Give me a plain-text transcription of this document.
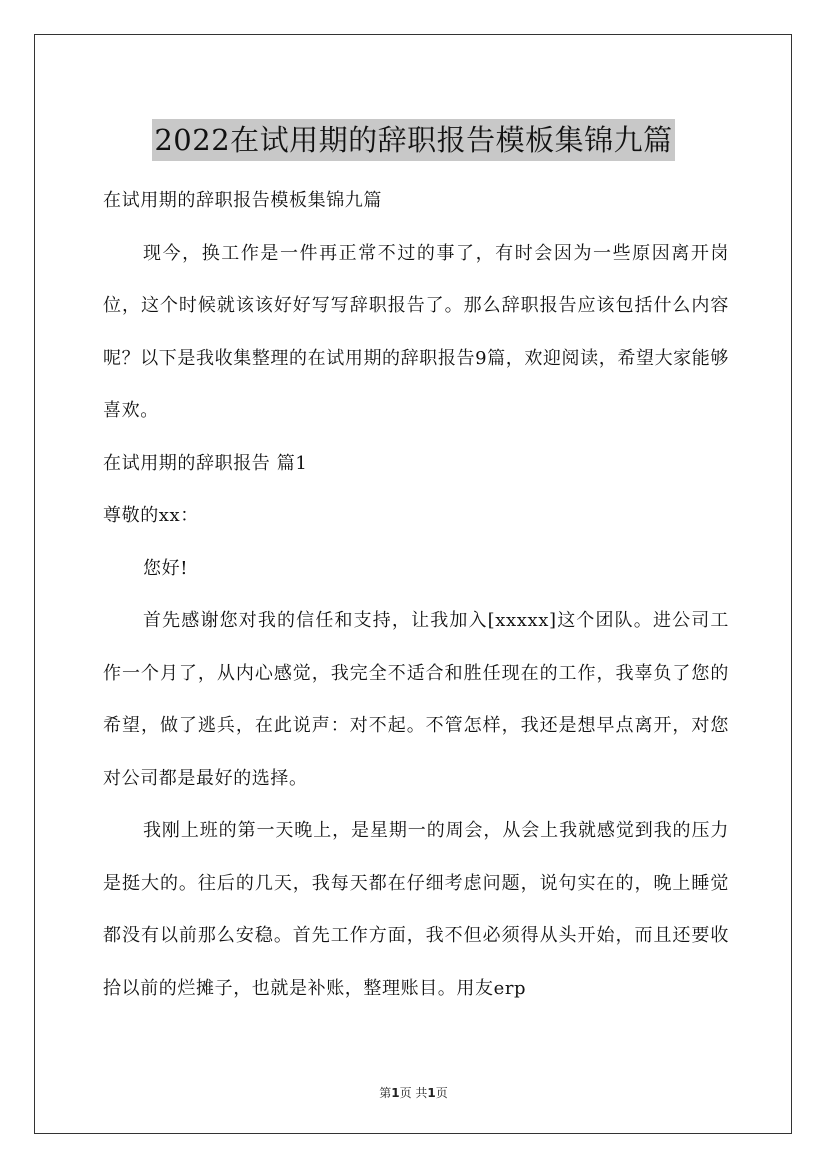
2022在试用期的辞职报告模板集锦九篇

在试用期的辞职报告模板集锦九篇

现今，换工作是一件再正常不过的事了，有时会因为一些原因离开岗位，这个时候就该该好好写写辞职报告了。那么辞职报告应该包括什么内容呢？以下是我收集整理的在试用期的辞职报告9篇，欢迎阅读，希望大家能够喜欢。

在试用期的辞职报告 篇1

尊敬的xx：

您好!

首先感谢您对我的信任和支持，让我加入[xxxxx]这个团队。进公司工作一个月了，从内心感觉，我完全不适合和胜任现在的工作，我辜负了您的希望，做了逃兵，在此说声：对不起。不管怎样，我还是想早点离开，对您对公司都是最好的选择。

我刚上班的第一天晚上，是星期一的周会，从会上我就感觉到我的压力是挺大的。往后的几天，我每天都在仔细考虑问题，说句实在的，晚上睡觉都没有以前那么安稳。首先工作方面，我不但必须得从头开始，而且还要收拾以前的烂摊子，也就是补账，整理账目。用友erp

第1页 共1页
